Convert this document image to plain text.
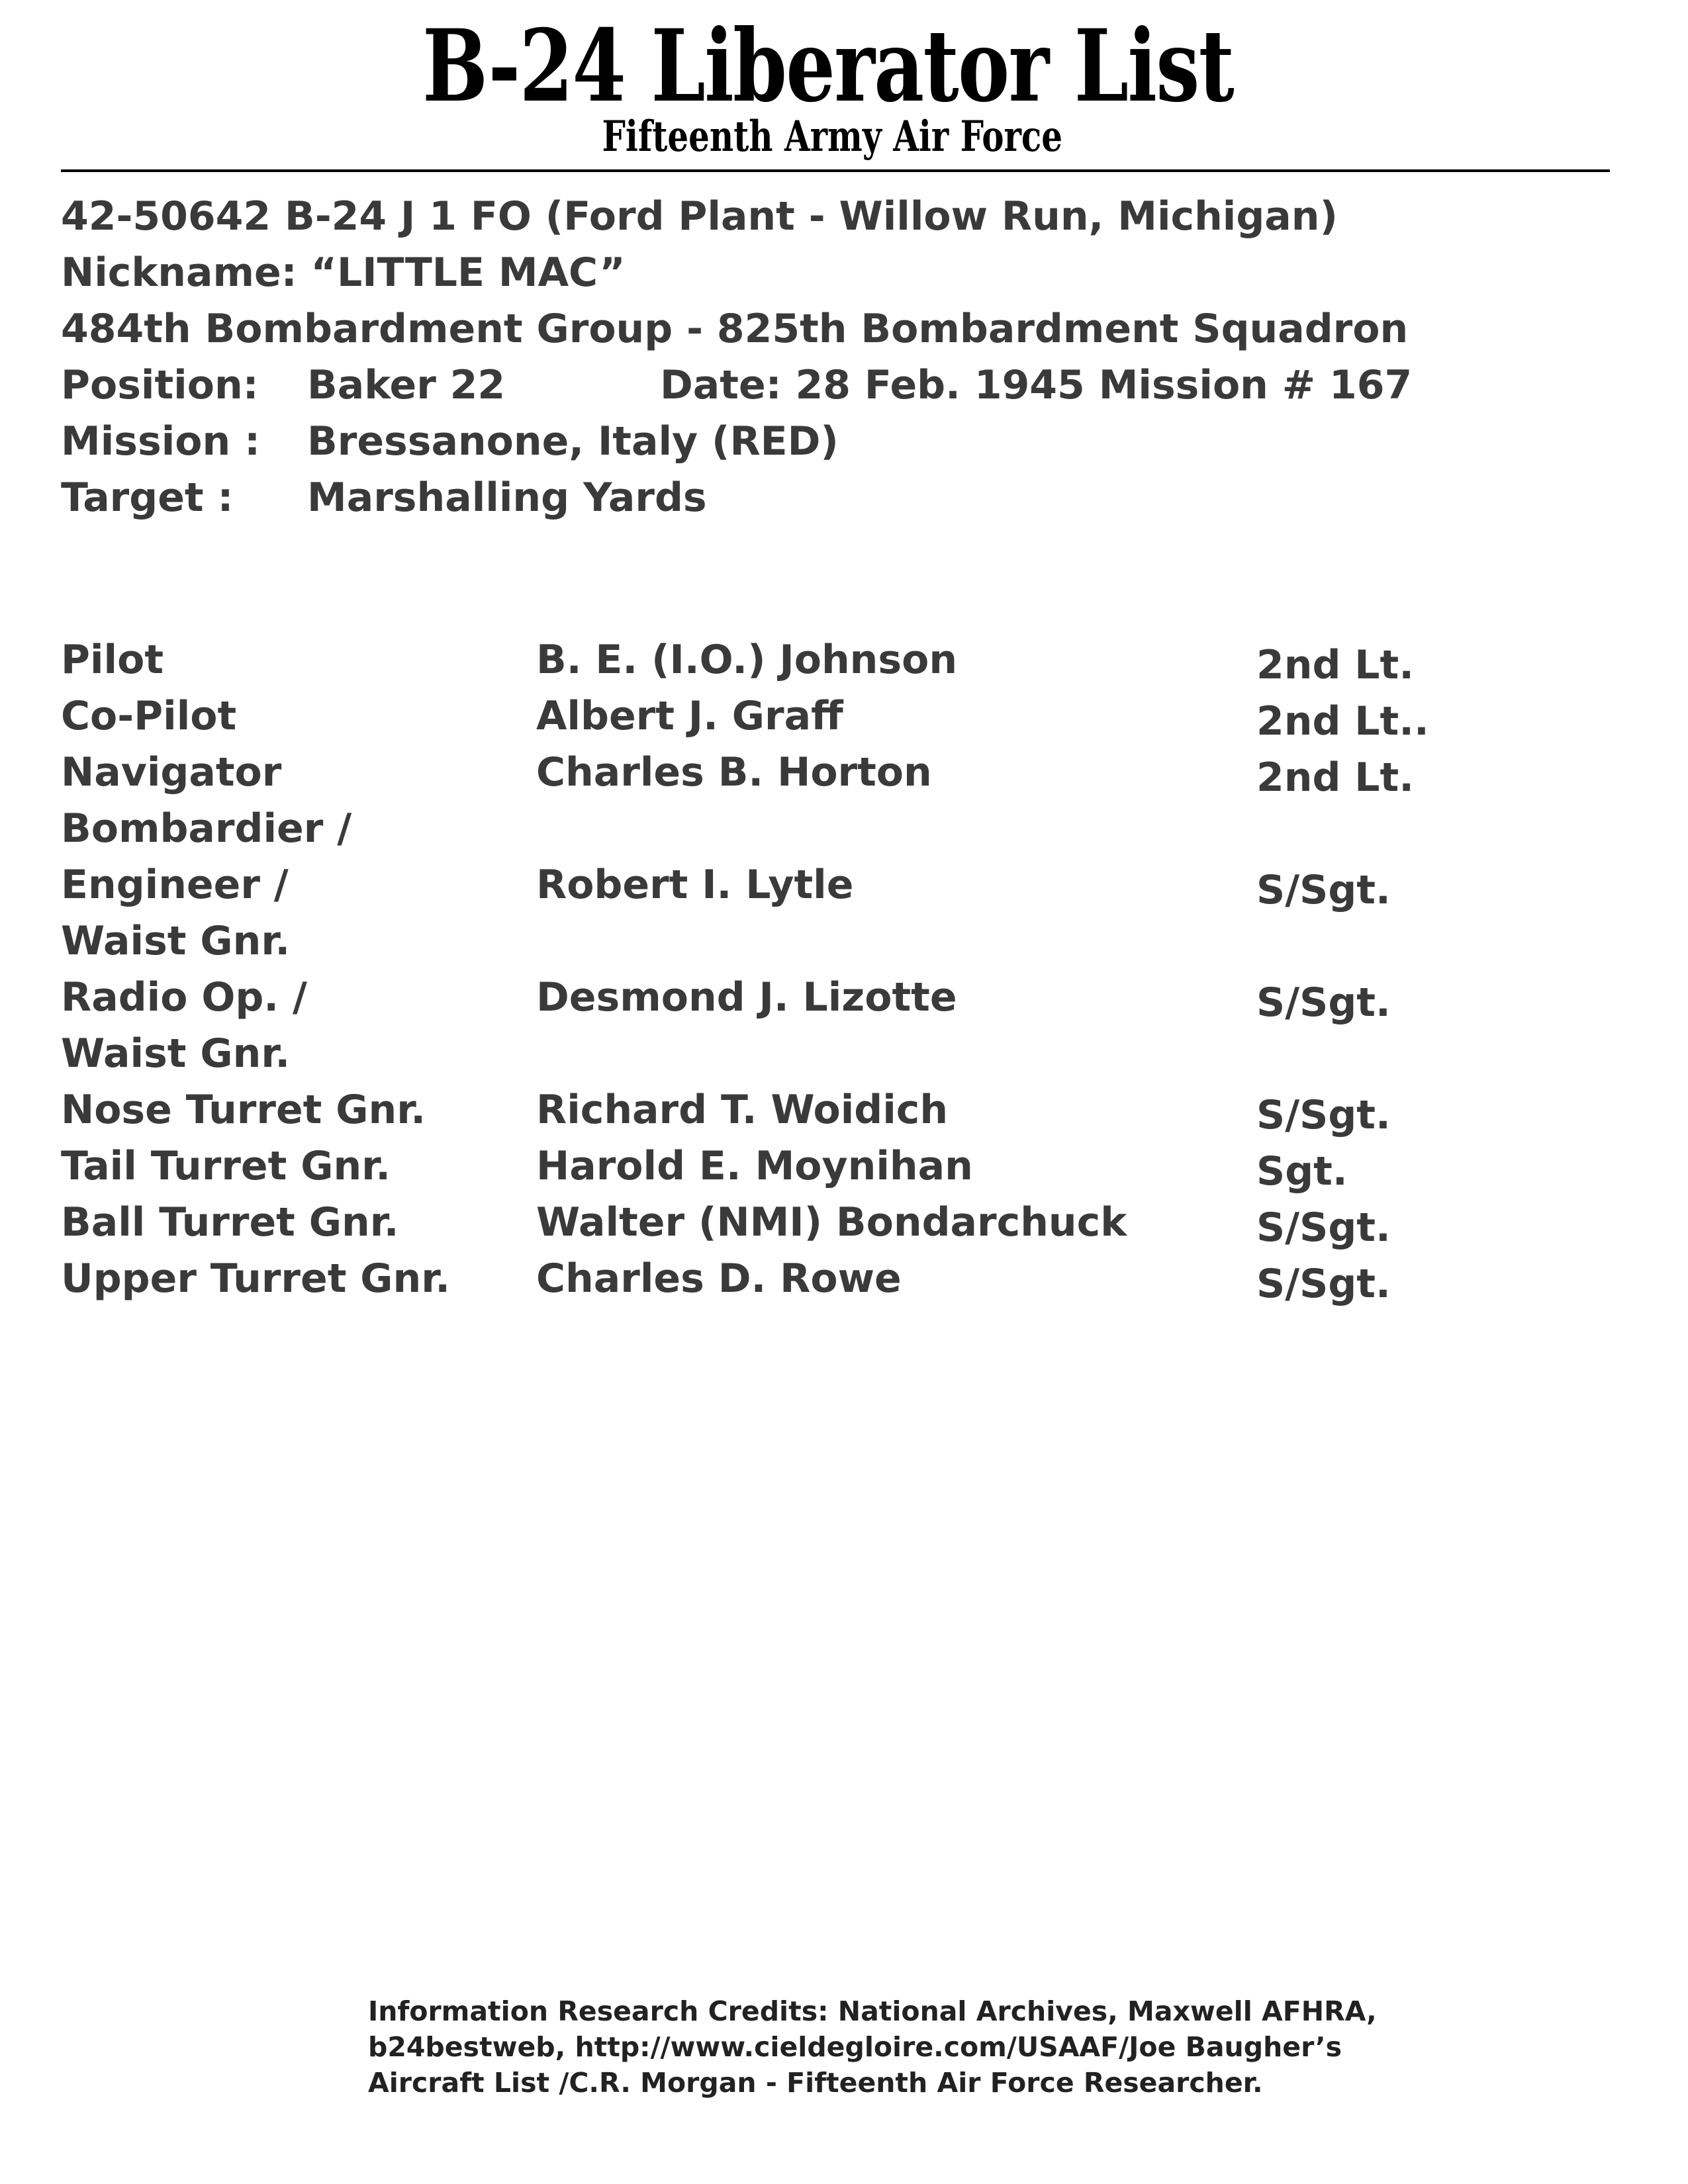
B-24 Liberator List
Fifteenth Army Air Force
42-50642 B-24 J 1 FO (Ford Plant - Willow Run, Michigan)
Nickname: “LITTLE MAC”
484th Bombardment Group - 825th Bombardment Squadron
Position: Baker 22	Date: 28 Feb. 1945 Mission # 167
Mission : Bressanone, Italy (RED)
Target : Marshalling Yards
Pilot	B. E. (I.O.) Johnson	2nd Lt.
Co-Pilot	Albert J. Graff	2nd Lt..
Navigator	Charles B. Horton	2nd Lt.
Bombardier /
Engineer /	Robert I. Lytle	S/Sgt.
Waist Gnr.
Radio Op. /	Desmond J. Lizotte	S/Sgt.
Waist Gnr.
Nose Turret Gnr.	Richard T. Woidich	S/Sgt.
Tail Turret Gnr.	Harold E. Moynihan	Sgt.
Ball Turret Gnr.	Walter (NMI) Bondarchuck	S/Sgt.
Upper Turret Gnr. Charles D. Rowe	S/Sgt.
Information Research Credits: National Archives, Maxwell AFHRA,
b24bestweb, http://www.cieldegloire.com/USAAF/Joe Baugher’s
Aircraft List /C.R. Morgan - Fifteenth Air Force Researcher.
